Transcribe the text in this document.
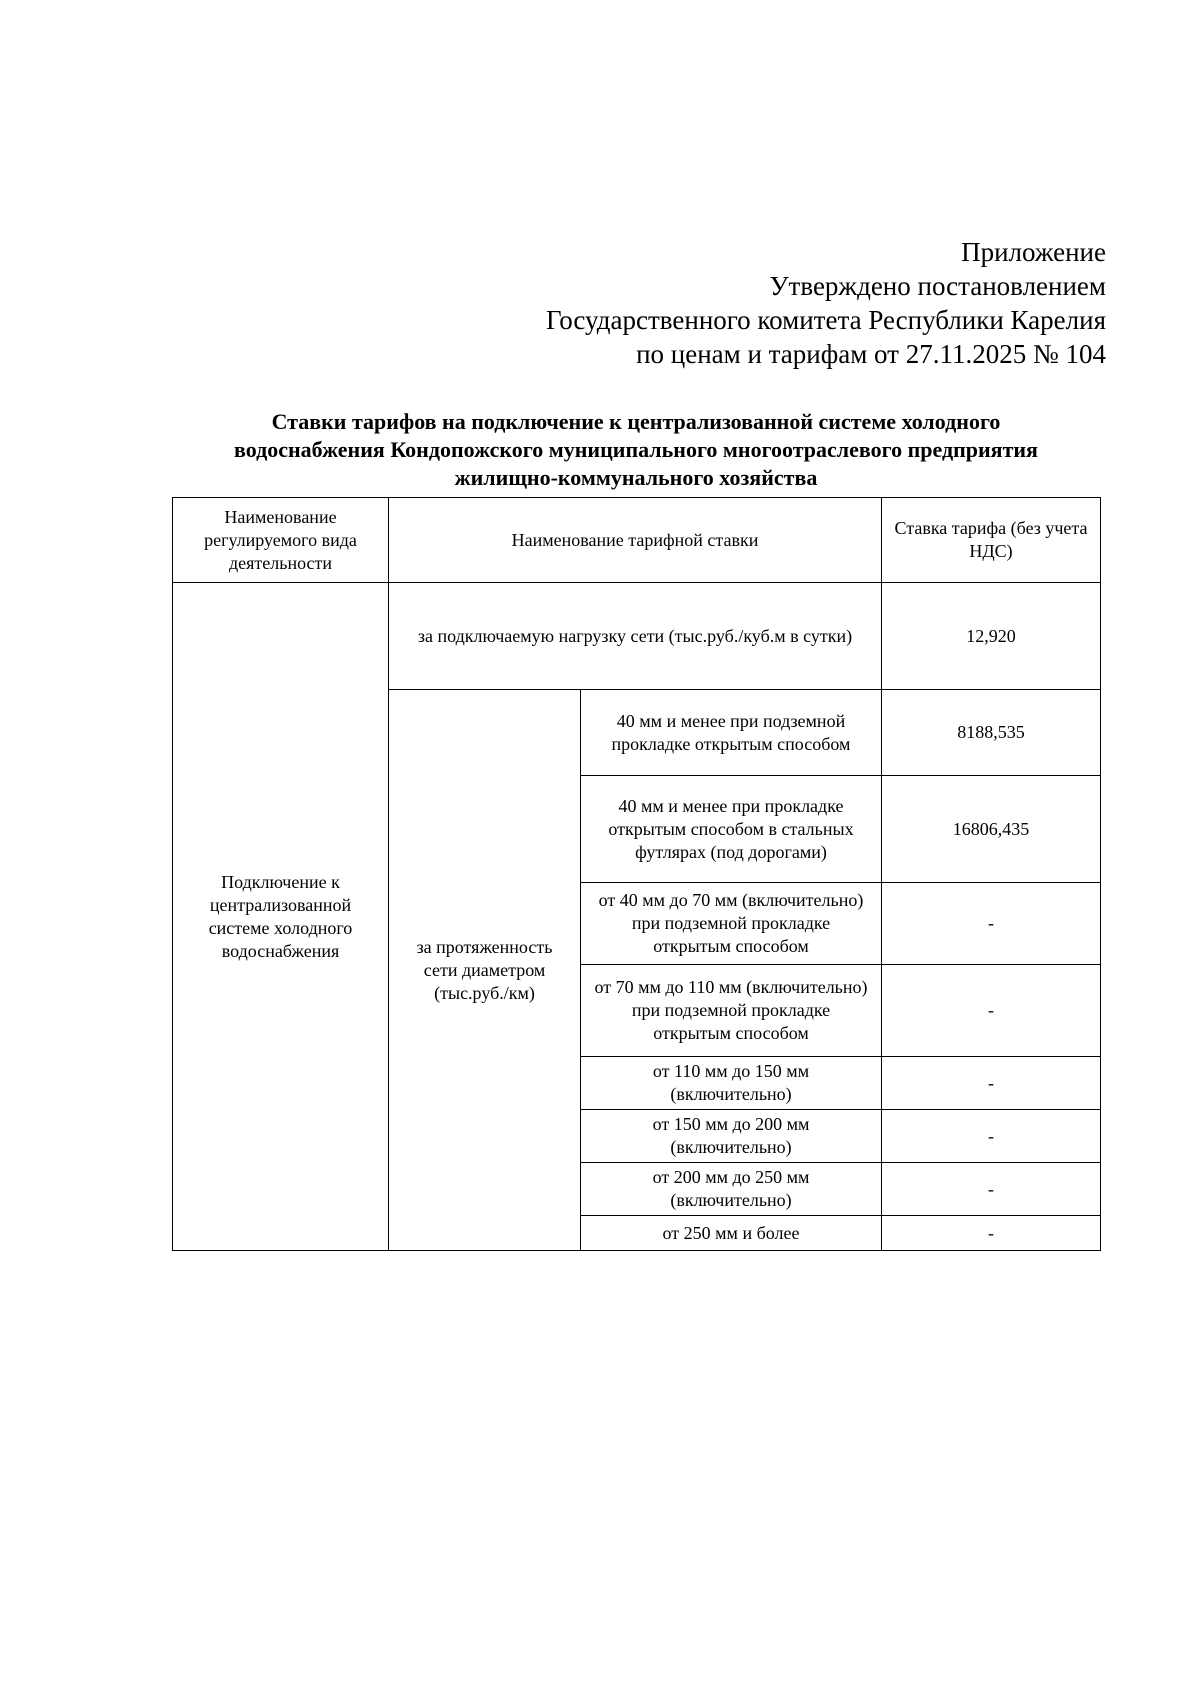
Приложение
Утверждено постановлением
Государственного комитета Республики Карелия
по ценам и тарифам от 27.11.2025 № 104
Ставки тарифов на подключение к централизованной системе холодного
водоснабжения Кондопожского муниципального многоотраслевого предприятия
жилищно-коммунального хозяйства
Наименование регулируемого вида деятельности	Наименование тарифной ставки		Ставка тарифа (без учета НДС)
Подключение к централизованной системе холодного водоснабжения	за подключаемую нагрузку сети (тыс.руб./куб.м в сутки)		12,920
	за протяженность сети диаметром (тыс.руб./км)	40 мм и менее при подземной прокладке открытым способом	8188,535
		40 мм и менее при прокладке открытым способом в стальных футлярах (под дорогами)	16806,435
		от 40 мм до 70 мм (включительно) при подземной прокладке открытым способом	-
		от 70 мм до 110 мм (включительно) при подземной прокладке открытым способом	-
		от 110 мм до 150 мм (включительно)	-
		от 150 мм до 200 мм (включительно)	-
		от 200 мм до 250 мм (включительно)	-
		от 250 мм и более	-
